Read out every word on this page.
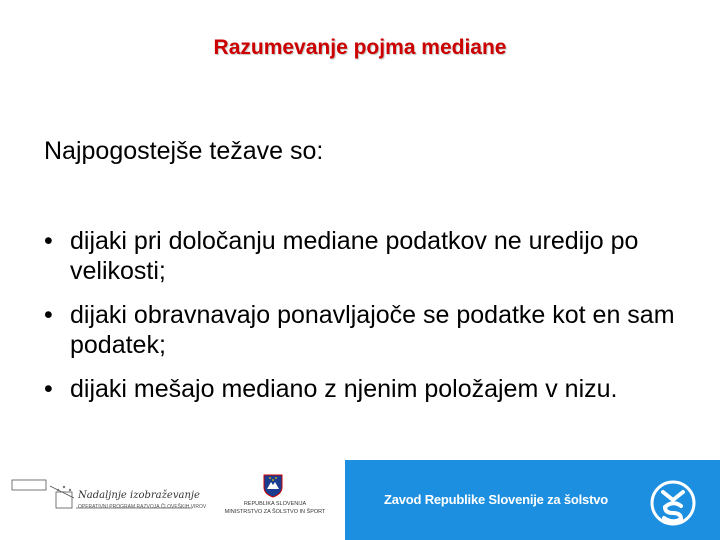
Razumevanje pojma mediane
Najpogostejše težave so:
• dijaki pri določanju mediane podatkov ne uredijo po velikosti;
• dijaki obravnavajo ponavljajoče se podatke kot en sam podatek;
• dijaki mešajo mediano z njenim položajem v nizu.
Nadaljnje izobraževanje
OPERATIVNI PROGRAM RAZVOJA ČLOVEŠKIH VIROV	REPUBLIKA SLOVENIJA
MINISTRSTVO ZA ŠOLSTVO IN ŠPORT
Zavod Republike Slovenije za šolstvo
